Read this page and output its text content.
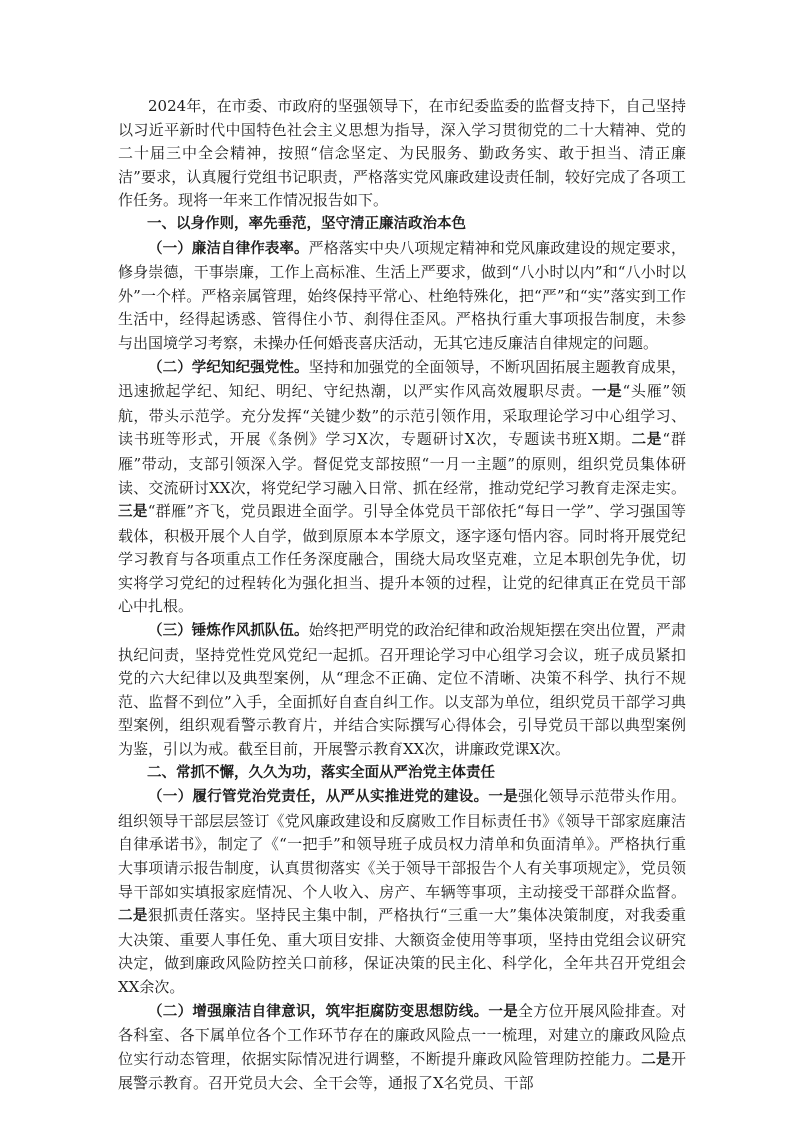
2024年，在市委、市政府的坚强领导下，在市纪委监委的监督支持下，自己坚持以习近平新时代中国特色社会主义思想为指导，深入学习贯彻党的二十大精神、党的二十届三中全会精神，按照“信念坚定、为民服务、勤政务实、敢于担当、清正廉洁”要求，认真履行党组书记职责，严格落实党风廉政建设责任制，较好完成了各项工作任务。现将一年来工作情况报告如下。

一、以身作则，率先垂范，坚守清正廉洁政治本色

（一）廉洁自律作表率。严格落实中央八项规定精神和党风廉政建设的规定要求，修身崇德，干事崇廉，工作上高标准、生活上严要求，做到“八小时以内”和“八小时以外”一个样。严格亲属管理，始终保持平常心、杜绝特殊化，把“严”和“实”落实到工作生活中，经得起诱惑、管得住小节、刹得住歪风。严格执行重大事项报告制度，未参与出国境学习考察，未操办任何婚丧喜庆活动，无其它违反廉洁自律规定的问题。

（二）学纪知纪强党性。坚持和加强党的全面领导，不断巩固拓展主题教育成果，迅速掀起学纪、知纪、明纪、守纪热潮，以严实作风高效履职尽责。一是“头雁”领航，带头示范学。充分发挥“关键少数”的示范引领作用，采取理论学习中心组学习、读书班等形式，开展《条例》学习X次，专题研讨X次，专题读书班X期。二是“群雁”带动，支部引领深入学。督促党支部按照“一月一主题”的原则，组织党员集体研读、交流研讨XX次，将党纪学习融入日常、抓在经常，推动党纪学习教育走深走实。三是“群雁”齐飞，党员跟进全面学。引导全体党员干部依托“每日一学”、学习强国等载体，积极开展个人自学，做到原原本本学原文，逐字逐句悟内容。同时将开展党纪学习教育与各项重点工作任务深度融合，围绕大局攻坚克难，立足本职创先争优，切实将学习党纪的过程转化为强化担当、提升本领的过程，让党的纪律真正在党员干部心中扎根。

（三）锤炼作风抓队伍。始终把严明党的政治纪律和政治规矩摆在突出位置，严肃执纪问责，坚持党性党风党纪一起抓。召开理论学习中心组学习会议，班子成员紧扣党的六大纪律以及典型案例，从“理念不正确、定位不清晰、决策不科学、执行不规范、监督不到位”入手，全面抓好自查自纠工作。以支部为单位，组织党员干部学习典型案例，组织观看警示教育片，并结合实际撰写心得体会，引导党员干部以典型案例为鉴，引以为戒。截至目前，开展警示教育XX次，讲廉政党课X次。

二、常抓不懈，久久为功，落实全面从严治党主体责任

（一）履行管党治党责任，从严从实推进党的建设。一是强化领导示范带头作用。组织领导干部层层签订《党风廉政建设和反腐败工作目标责任书》《领导干部家庭廉洁自律承诺书》，制定了《“一把手”和领导班子成员权力清单和负面清单》。严格执行重大事项请示报告制度，认真贯彻落实《关于领导干部报告个人有关事项规定》，党员领导干部如实填报家庭情况、个人收入、房产、车辆等事项，主动接受干部群众监督。二是狠抓责任落实。坚持民主集中制，严格执行“三重一大”集体决策制度，对我委重大决策、重要人事任免、重大项目安排、大额资金使用等事项，坚持由党组会议研究决定，做到廉政风险防控关口前移，保证决策的民主化、科学化，全年共召开党组会XX余次。

（二）增强廉洁自律意识，筑牢拒腐防变思想防线。一是全方位开展风险排查。对各科室、各下属单位各个工作环节存在的廉政风险点一一梳理，对建立的廉政风险点位实行动态管理，依据实际情况进行调整，不断提升廉政风险管理防控能力。二是开展警示教育。召开党员大会、全干会等，通报了X名党员、干部
